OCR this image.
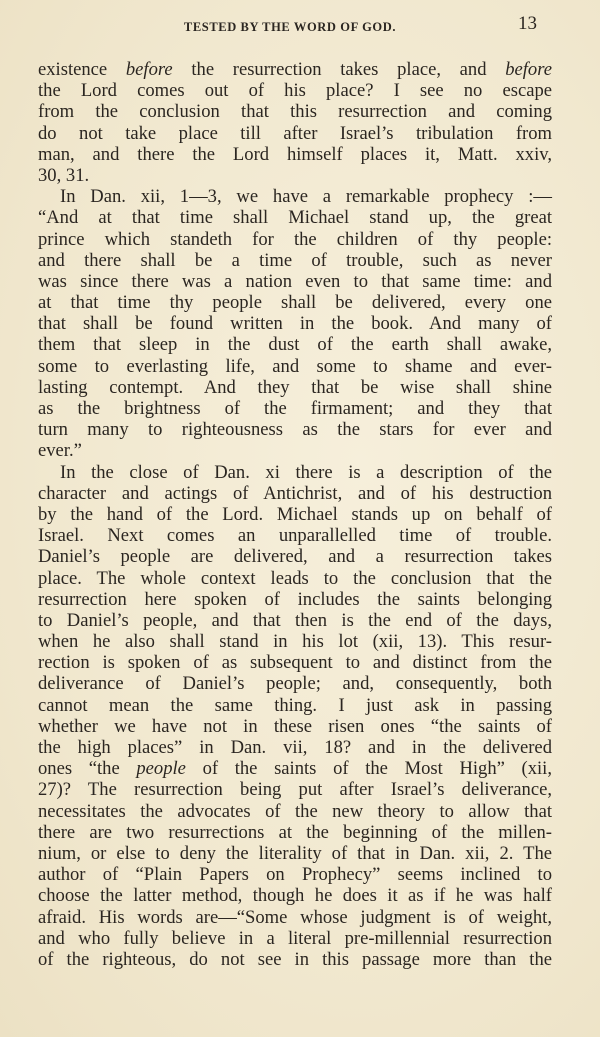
TESTED BY THE WORD OF GOD.	13
existence before the resurrection takes place, and before
the Lord comes out of his place? I see no escape
from the conclusion that this resurrection and coming
do not take place till after Israel’s tribulation from
man, and there the Lord himself places it, Matt. xxiv,
30, 31.
In Dan. xii, 1—3, we have a remarkable prophecy :—
“And at that time shall Michael stand up, the great
prince which standeth for the children of thy people:
and there shall be a time of trouble, such as never
was since there was a nation even to that same time: and
at that time thy people shall be delivered, every one
that shall be found written in the book. And many of
them that sleep in the dust of the earth shall awake,
some to everlasting life, and some to shame and ever-
lasting contempt. And they that be wise shall shine
as the brightness of the firmament; and they that
turn many to righteousness as the stars for ever and
ever.”
In the close of Dan. xi there is a description of the
character and actings of Antichrist, and of his destruction
by the hand of the Lord. Michael stands up on behalf of
Israel. Next comes an unparallelled time of trouble.
Daniel’s people are delivered, and a resurrection takes
place. The whole context leads to the conclusion that the
resurrection here spoken of includes the saints belonging
to Daniel’s people, and that then is the end of the days,
when he also shall stand in his lot (xii, 13). This resur-
rection is spoken of as subsequent to and distinct from the
deliverance of Daniel’s people; and, consequently, both
cannot mean the same thing. I just ask in passing
whether we have not in these risen ones “the saints of
the high places” in Dan. vii, 18? and in the delivered
ones “the people of the saints of the Most High” (xii,
27)? The resurrection being put after Israel’s deliverance,
necessitates the advocates of the new theory to allow that
there are two resurrections at the beginning of the millen-
nium, or else to deny the literality of that in Dan. xii, 2. The
author of “Plain Papers on Prophecy” seems inclined to
choose the latter method, though he does it as if he was half
afraid. His words are—“Some whose judgment is of weight,
and who fully believe in a literal pre-millennial resurrection
of the righteous, do not see in this passage more than the
